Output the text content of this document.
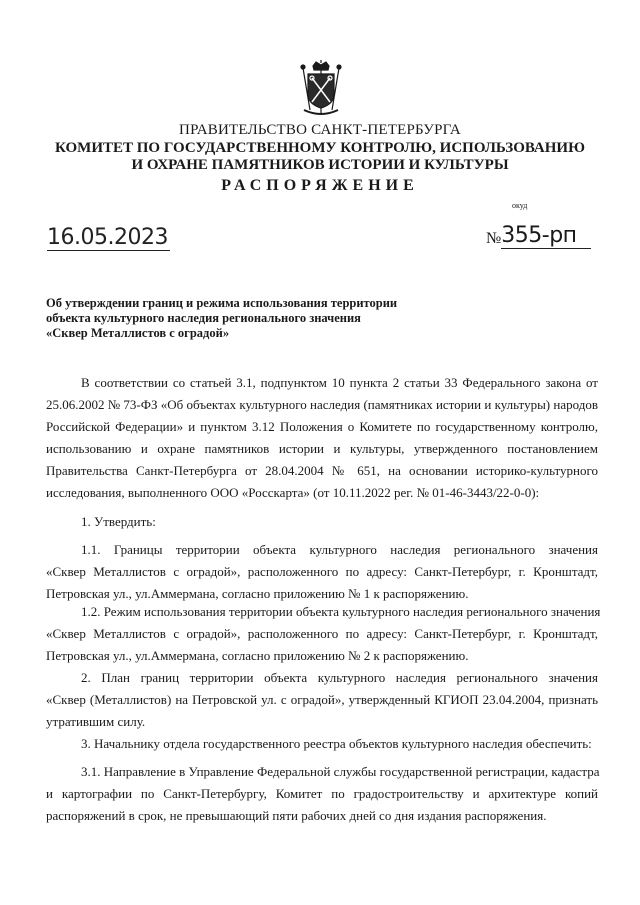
ПРАВИТЕЛЬСТВО САНКТ-ПЕТЕРБУРГА
КОМИТЕТ ПО ГОСУДАРСТВЕННОМУ КОНТРОЛЮ, ИСПОЛЬЗОВАНИЮ
И ОХРАНЕ ПАМЯТНИКОВ ИСТОРИИ И КУЛЬТУРЫ
РАСПОРЯЖЕНИЕ
окуд
16.05.2023	№355-рп
Об утверждении границ и режима использования территории
объекта культурного наследия регионального значения
«Сквер Металлистов с оградой»
В соответствии со статьей 3.1, подпунктом 10 пункта 2 статьи 33 Федерального закона от
25.06.2002 № 73-ФЗ «Об объектах культурного наследия (памятниках истории и культуры) народов
Российской Федерации» и пунктом 3.12 Положения о Комитете по государственному контролю,
использованию и охране памятников истории и культуры, утвержденного постановлением
Правительства Санкт-Петербурга от 28.04.2004 № 651, на основании историко-культурного
исследования, выполненного ООО «Росскарта» (от 10.11.2022 рег. № 01-46-3443/22-0-0):
1. Утвердить:
1.1. Границы территории объекта культурного наследия регионального значения
«Сквер Металлистов с оградой», расположенного по адресу: Санкт-Петербург, г. Кронштадт,
Петровская ул., ул.Аммермана, согласно приложению № 1 к распоряжению.
1.2. Режим использования территории объекта культурного наследия регионального значения
«Сквер Металлистов с оградой», расположенного по адресу: Санкт-Петербург, г. Кронштадт,
Петровская ул., ул.Аммермана, согласно приложению № 2 к распоряжению.
2. План границ территории объекта культурного наследия регионального значения
«Сквер (Металлистов) на Петровской ул. с оградой», утвержденный КГИОП 23.04.2004, признать
утратившим силу.
3. Начальнику отдела государственного реестра объектов культурного наследия обеспечить:
3.1. Направление в Управление Федеральной службы государственной регистрации, кадастра
и картографии по Санкт-Петербургу, Комитет по градостроительству и архитектуре копий
распоряжений в срок, не превышающий пяти рабочих дней со дня издания распоряжения.
